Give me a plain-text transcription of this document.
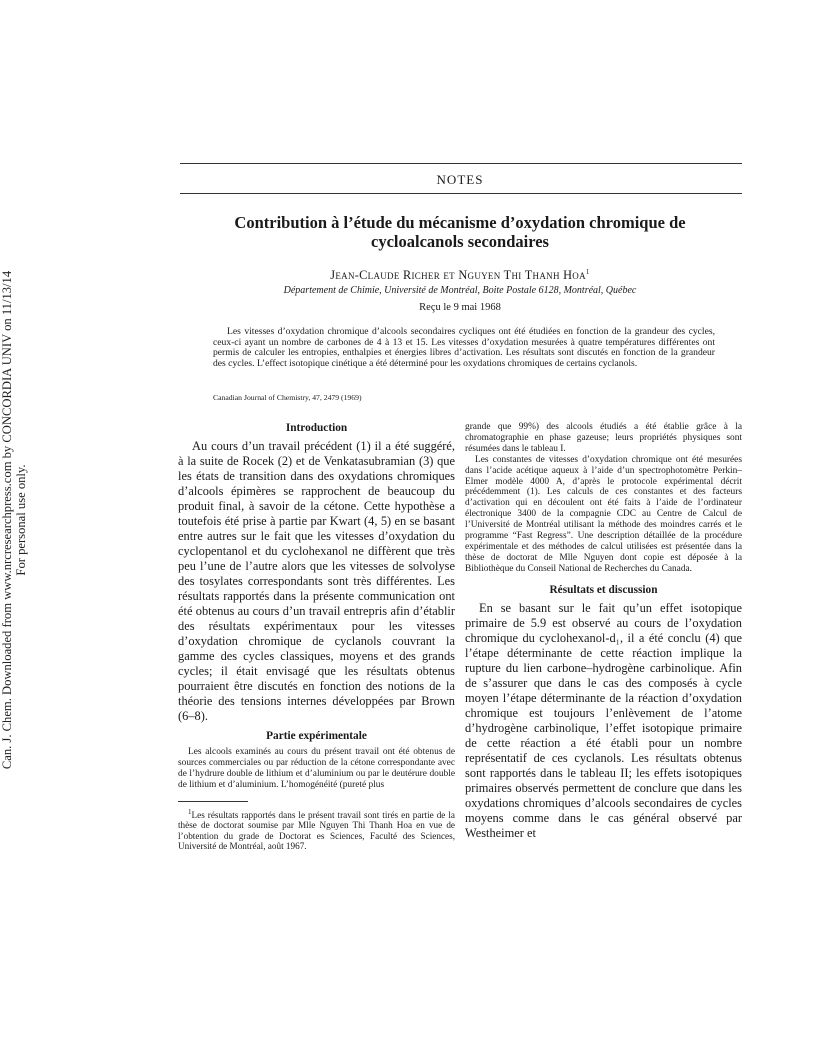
Can. J. Chem. Downloaded from www.nrcresearchpress.com by CONCORDIA UNIV on 11/13/14 For personal use only.
NOTES
Contribution à l’étude du mécanisme d’oxydation chromique de
cycloalcanols secondaires
Jean-Claude Richer et Nguyen Thi Thanh Hoa$^1$
Département de Chimie, Université de Montréal, Boite Postale 6128, Montréal, Québec
Reçu le 9 mai 1968
Les vitesses d’oxydation chromique d’alcools secondaires cycliques ont été étudiées en fonction de la grandeur des cycles, ceux-ci ayant un nombre de carbones de 4 à 13 et 15. Les vitesses d’oxydation mesurées à quatre températures différentes ont permis de calculer les entropies, enthalpies et énergies libres d’activation. Les résultats sont discutés en fonction de la grandeur des cycles. L’effect isotopique cinétique a été déterminé pour les oxydations chromiques de certains cyclanols.
Canadian Journal of Chemistry, 47, 2479 (1969)
Introduction

Au cours d’un travail précédent (1) il a été suggéré, à la suite de Rocek (2) et de Venkatasubramian (3) que les états de transition dans des oxydations chromiques d’alcools épimères se rapprochent de beaucoup du produit final, à savoir de la cétone. Cette hypothèse a toutefois été prise à partie par Kwart (4, 5) en se basant entre autres sur le fait que les vitesses d’oxydation du cyclopentanol et du cyclohexanol ne diffèrent que très peu l’une de l’autre alors que les vitesses de solvolyse des tosylates correspondants sont très différentes. Les résultats rapportés dans la présente communication ont été obtenus au cours d’un travail entrepris afin d’établir des résultats expérimentaux pour les vitesses d’oxydation chromique de cyclanols couvrant la gamme des cycles classiques, moyens et des grands cycles; il était envisagé que les résultats obtenus pourraient être discutés en fonction des notions de la théorie des tensions internes développées par Brown (6–8).

Partie expérimentale

Les alcools examinés au cours du présent travail ont été obtenus de sources commerciales ou par réduction de la cétone correspondante avec de l’hydrure double de lithium et d’aluminium ou par le deutérure double de lithium et d’aluminium. L’homogénéité (pureté plus

$^1$Les résultats rapportés dans le présent travail sont tirés en partie de la thèse de doctorat soumise par Mlle Nguyen Thi Thanh Hoa en vue de l’obtention du grade de Doctorat es Sciences, Faculté des Sciences, Université de Montréal, août 1967.

grande que 99%) des alcools étudiés a été établie grâce à la chromatographie en phase gazeuse; leurs propriétés physiques sont résumées dans le tableau I.

Les constantes de vitesses d’oxydation chromique ont été mesurées dans l’acide acétique aqueux à l’aide d’un spectrophotomètre Perkin–Elmer modèle 4000 A, d’après le protocole expérimental décrit précédemment (1). Les calculs de ces constantes et des facteurs d’activation qui en découlent ont été faits à l’aide de l’ordinateur électronique 3400 de la compagnie CDC au Centre de Calcul de l’Université de Montréal utilisant la méthode des moindres carrés et le programme “Fast Regress”. Une description détaillée de la procédure expérimentale et des méthodes de calcul utilisées est présentée dans la thèse de doctorat de Mlle Nguyen dont copie est déposée à la Bibliothèque du Conseil National de Recherches du Canada.

Résultats et discussion

En se basant sur le fait qu’un effet isotopique primaire de 5.9 est observé au cours de l’oxydation chromique du cyclohexanol-d₁, il a été conclu (4) que l’étape déterminante de cette réaction implique la rupture du lien carbone–hydrogène carbinolique. Afin de s’assurer que dans le cas des composés à cycle moyen l’étape déterminante de la réaction d’oxydation chromique est toujours l’enlèvement de l’atome d’hydrogène carbinolique, l’effet isotopique primaire de cette réaction a été établi pour un nombre représentatif de ces cyclanols. Les résultats obtenus sont rapportés dans le tableau II; les effets isotopiques primaires observés permettent de conclure que dans les oxydations chromiques d’alcools secondaires de cycles moyens comme dans le cas général observé par Westheimer et
